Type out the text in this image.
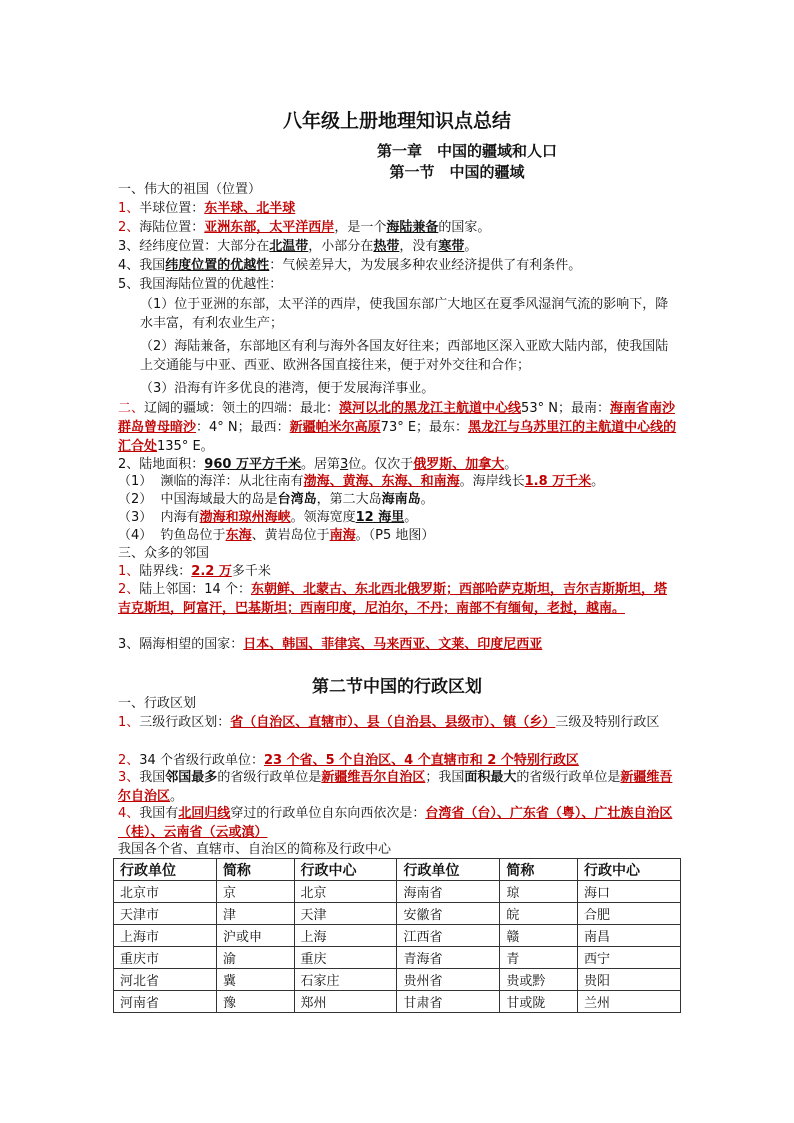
八年级上册地理知识点总结
第一章　中国的疆域和人口
第一节　中国的疆域
一、伟大的祖国（位置）
1、半球位置：东半球、北半球
2、海陆位置：亚洲东部，太平洋西岸，是一个海陆兼备的国家。
3、经纬度位置：大部分在北温带，小部分在热带，没有寒带。
4、我国纬度位置的优越性：气候差异大，为发展多种农业经济提供了有利条件。
5、我国海陆位置的优越性：
（1）位于亚洲的东部，太平洋的西岸，使我国东部广大地区在夏季风湿润气流的影响下，降水丰富，有利农业生产；
（2）海陆兼备，东部地区有利与海外各国友好往来；西部地区深入亚欧大陆内部，使我国陆上交通能与中亚、西亚、欧洲各国直接往来，便于对外交往和合作；
（3）沿海有许多优良的港湾，便于发展海洋事业。
二、辽阔的疆域：领土的四端：最北：漠河以北的黑龙江主航道中心线53° N；最南：海南省南沙群岛曾母暗沙：4° N；最西：新疆帕米尔高原73° E；最东：黑龙江与乌苏里江的主航道中心线的汇合处135° E。
2、陆地面积：960 万平方千米。居第3位。仅次于俄罗斯、加拿大。
（1） 濒临的海洋：从北往南有渤海、黄海、东海、和南海。海岸线长1.8 万千米。
（2） 中国海域最大的岛是台湾岛，第二大岛海南岛。
（3） 内海有渤海和琼州海峡。领海宽度12 海里。
（4） 钓鱼岛位于东海、黄岩岛位于南海。（P5 地图）
三、众多的邻国
1、陆界线：2.2 万多千米
2、陆上邻国：14 个：东朝鲜、北蒙古、东北西北俄罗斯；西部哈萨克斯坦，吉尔吉斯斯坦，塔吉克斯坦，阿富汗，巴基斯坦；西南印度，尼泊尔，不丹；南部不有缅甸，老挝，越南。
3、隔海相望的国家：日本、韩国、菲律宾、马来西亚、文莱、印度尼西亚
第二节中国的行政区划
一、行政区划
1、三级行政区划：省（自治区、直辖市）、县（自治县、县级市）、镇（乡）三级及特别行政区
2、34 个省级行政单位：23 个省、5 个自治区、4 个直辖市和 2 个特别行政区
3、我国邻国最多的省级行政单位是新疆维吾尔自治区；我国面积最大的省级行政单位是新疆维吾尔自治区。
4、我国有北回归线穿过的行政单位自东向西依次是：台湾省（台）、广东省（粤）、广壮族自治区（桂）、云南省（云或滇）
我国各个省、直辖市、自治区的简称及行政中心
行政单位	简称	行政中心	行政单位	简称	行政中心
北京市	京	北京	海南省	琼	海口
天津市	津	天津	安徽省	皖	合肥
上海市	沪或申	上海	江西省	赣	南昌
重庆市	渝	重庆	青海省	青	西宁
河北省	冀	石家庄	贵州省	贵或黔	贵阳
河南省	豫	郑州	甘肃省	甘或陇	兰州
